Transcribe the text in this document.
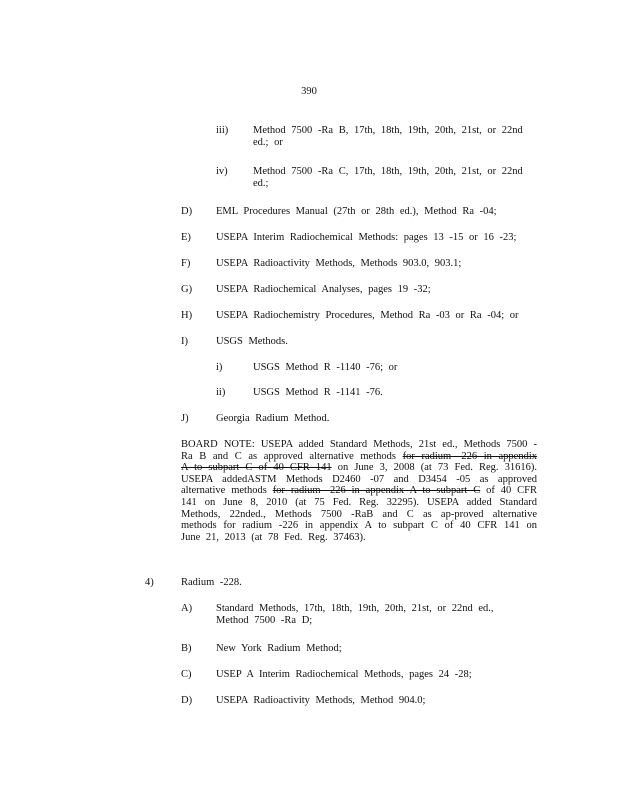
390
iii) Method 7500 -Ra B, 17th, 18th, 19th, 20th, 21st, or 22nd ed.; or
iv) Method 7500 -Ra C, 17th, 18th, 19th, 20th, 21st, or 22nd ed.;
D) EML Procedures Manual (27th or 28th ed.), Method Ra -04;
E) USEPA Interim Radiochemical Methods: pages 13 -15 or 16 -23;
F) USEPA Radioactivity Methods, Methods 903.0, 903.1;
G) USEPA Radiochemical Analyses, pages 19 -32;
H) USEPA Radiochemistry Procedures, Method Ra -03 or Ra -04; or
I)	USGS Methods.
i)	USGS Method R -1140 -76; or
ii)	USGS Method R -1141 -76.
J)	Georgia Radium Method.
BOARD NOTE: USEPA added Standard Methods, 21st ed., Methods 7500 -Ra B and C as approved alternative methods for radium -226 in appendix A to subpart C of 40 CFR 141 on June 3, 2008 (at 73 Fed. Reg. 31616). USEPA addedASTM Methods D2460 -07 and D3454 -05 as approved alternative methods for radium -226 in appendix A to subpart C of 40 CFR 141 on June 8, 2010 (at 75 Fed. Reg. 32295). USEPA added Standard Methods, 22nded., Methods 7500 -RaB and C as ap-proved alternative methods for radium -226 in appendix A to subpart C of 40 CFR 141 on June 21, 2013 (at 78 Fed. Reg. 37463).
4)	Radium -228.
A) Standard Methods, 17th, 18th, 19th, 20th, 21st, or 22nd ed., Method 7500 -Ra D;
B) New York Radium Method;
C) USEP A Interim Radiochemical Methods, pages 24 -28;
D) USEPA Radioactivity Methods, Method 904.0;
